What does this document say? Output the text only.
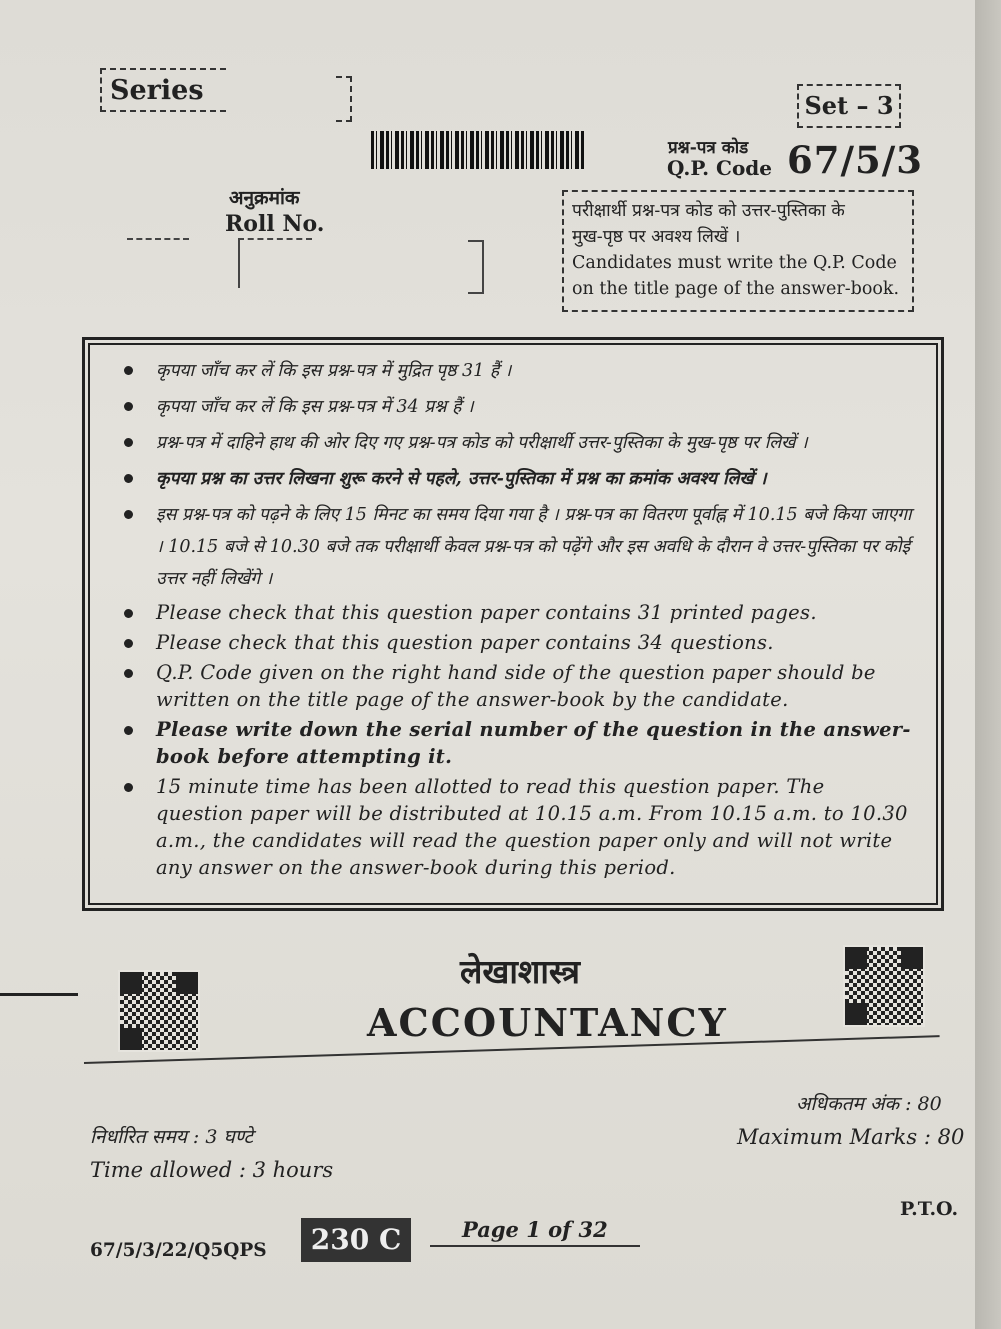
Series	Set – 3
प्रश्न-पत्र कोड
Q.P. Code 67/5/3
अनुक्रमांक
Roll No.	परीक्षार्थी प्रश्न-पत्र कोड को उत्तर-पुस्तिका के
मुख-पृष्ठ पर अवश्य लिखें ।
Candidates must write the Q.P. Code
on the title page of the answer-book.
कृपया जाँच कर लें कि इस प्रश्न-पत्र में मुद्रित पृष्ठ 31 हैं ।
कृपया जाँच कर लें कि इस प्रश्न-पत्र में 34 प्रश्न हैं ।
प्रश्न-पत्र में दाहिने हाथ की ओर दिए गए प्रश्न-पत्र कोड को परीक्षार्थी उत्तर-पुस्तिका के मुख-पृष्ठ पर लिखें ।
कृपया प्रश्न का उत्तर लिखना शुरू करने से पहले, उत्तर-पुस्तिका में प्रश्न का क्रमांक अवश्य लिखें ।
इस प्रश्न-पत्र को पढ़ने के लिए 15 मिनट का समय दिया गया है । प्रश्न-पत्र का वितरण पूर्वाह्न में 10.15 बजे किया जाएगा । 10.15 बजे से 10.30 बजे तक परीक्षार्थी केवल प्रश्न-पत्र को पढ़ेंगे और इस अवधि के दौरान वे उत्तर-पुस्तिका पर कोई उत्तर नहीं लिखेंगे ।
Please check that this question paper contains 31 printed pages.
Please check that this question paper contains 34 questions.
Q.P. Code given on the right hand side of the question paper should be written on the title page of the answer-book by the candidate.
Please write down the serial number of the question in the answer-book before attempting it.
15 minute time has been allotted to read this question paper. The question paper will be distributed at 10.15 a.m. From 10.15 a.m. to 10.30 a.m., the candidates will read the question paper only and will not write any answer on the answer-book during this period.
लेखाशास्त्र
ACCOUNTANCY
निर्धारित समय : 3 घण्टे
Time allowed : 3 hours
अधिकतम अंक : 80
Maximum Marks : 80
P.T.O.
67/5/3/22/Q5QPS	230 C	Page 1 of 32
